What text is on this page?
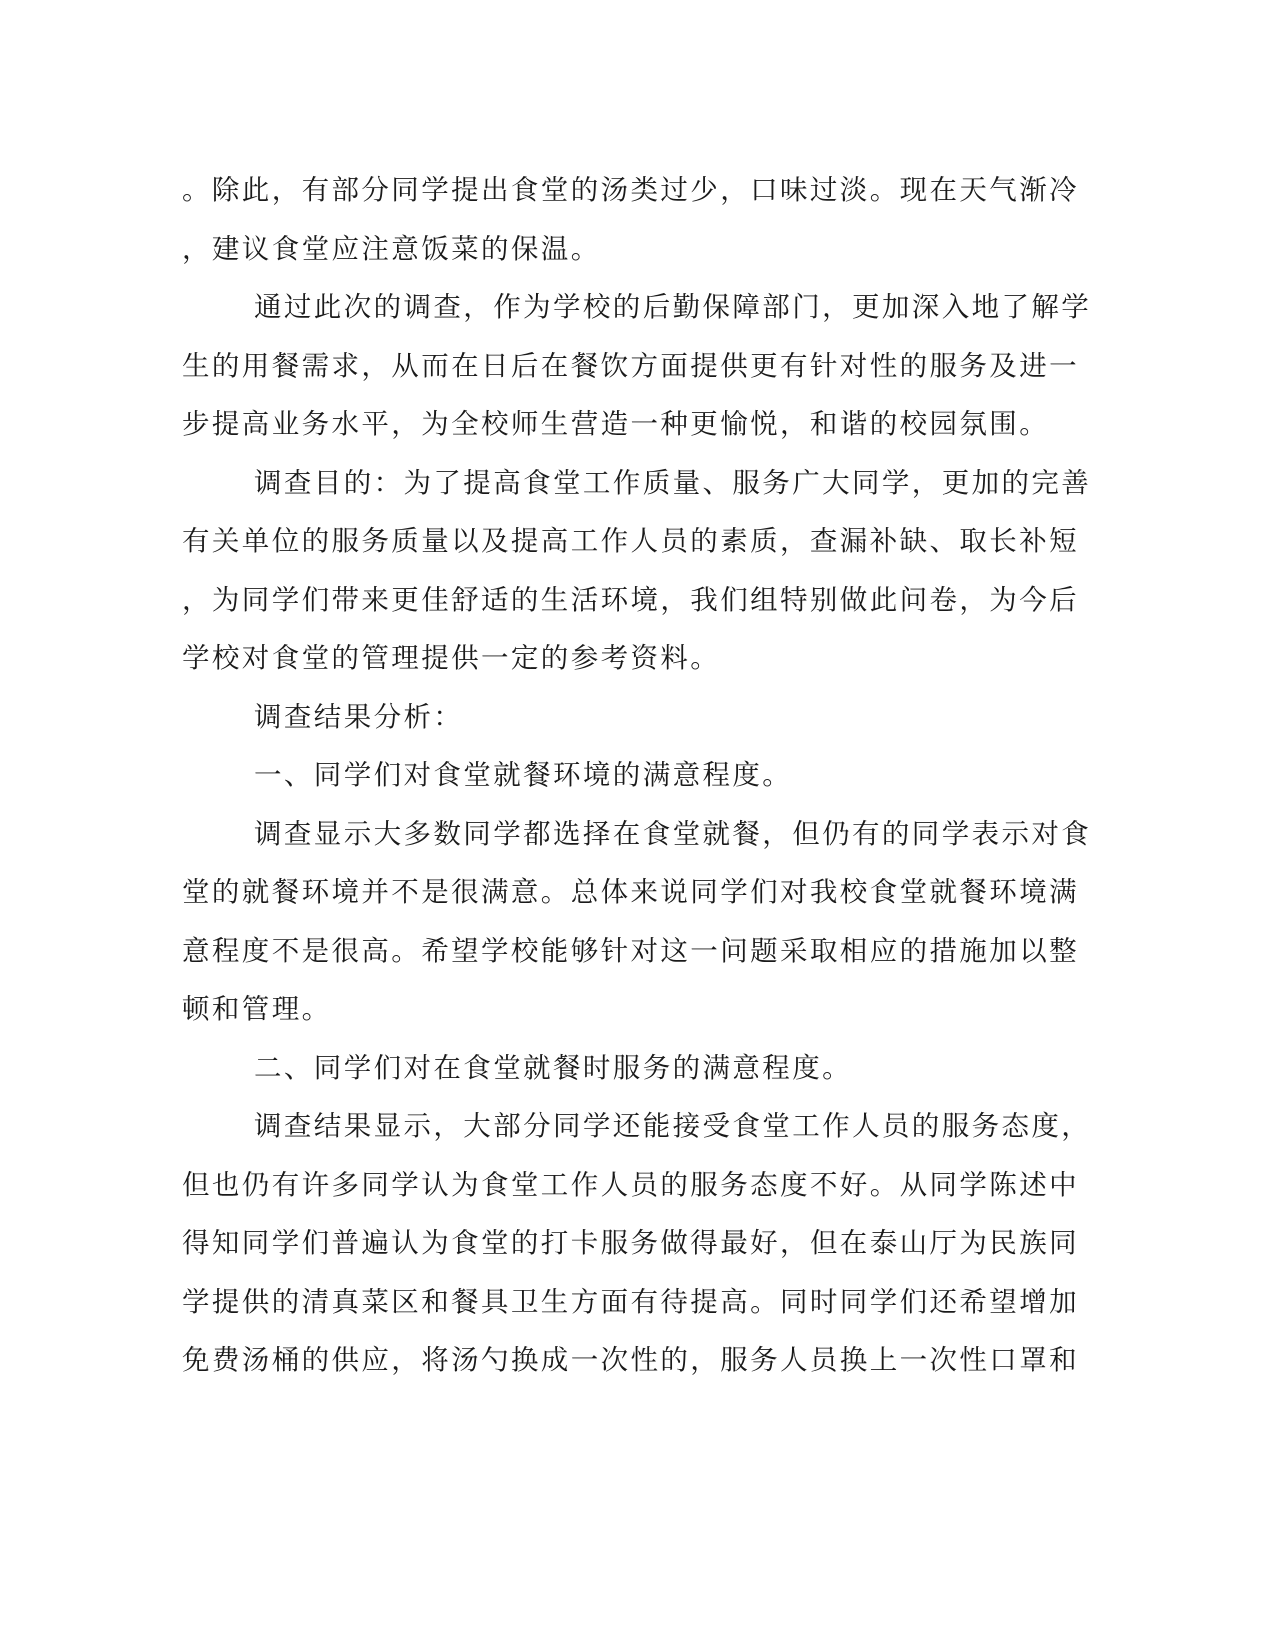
。除此，有部分同学提出食堂的汤类过少，口味过淡。现在天气渐冷
，建议食堂应注意饭菜的保温。
通过此次的调查，作为学校的后勤保障部门，更加深入地了解学
生的用餐需求，从而在日后在餐饮方面提供更有针对性的服务及进一
步提高业务水平，为全校师生营造一种更愉悦，和谐的校园氛围。
调查目的：为了提高食堂工作质量、服务广大同学，更加的完善
有关单位的服务质量以及提高工作人员的素质，查漏补缺、取长补短
，为同学们带来更佳舒适的生活环境，我们组特别做此问卷，为今后
学校对食堂的管理提供一定的参考资料。
调查结果分析：
一、同学们对食堂就餐环境的满意程度。
调查显示大多数同学都选择在食堂就餐，但仍有的同学表示对食
堂的就餐环境并不是很满意。总体来说同学们对我校食堂就餐环境满
意程度不是很高。希望学校能够针对这一问题采取相应的措施加以整
顿和管理。
二、同学们对在食堂就餐时服务的满意程度。
调查结果显示，大部分同学还能接受食堂工作人员的服务态度，
但也仍有许多同学认为食堂工作人员的服务态度不好。从同学陈述中
得知同学们普遍认为食堂的打卡服务做得最好，但在泰山厅为民族同
学提供的清真菜区和餐具卫生方面有待提高。同时同学们还希望增加
免费汤桶的供应，将汤勺换成一次性的，服务人员换上一次性口罩和
